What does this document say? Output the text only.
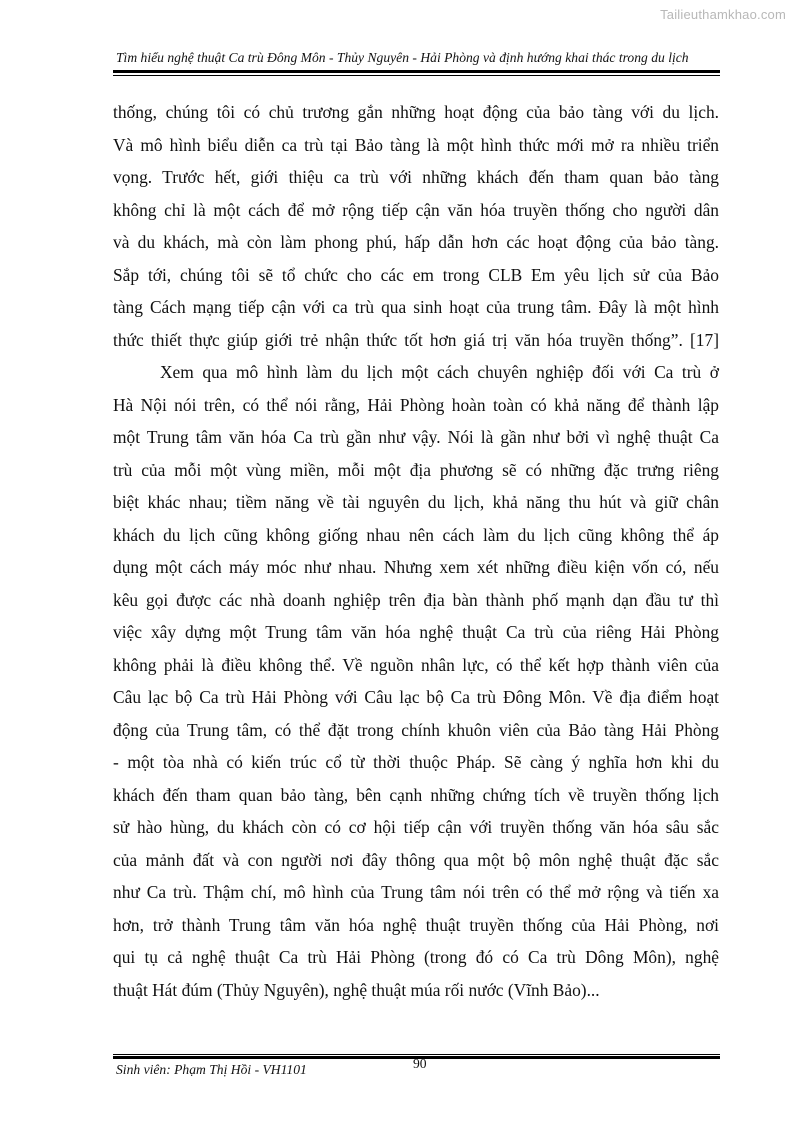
Tailieuthamkhao.com
Tìm hiểu nghệ thuật Ca trù Đông Môn - Thủy Nguyên - Hải Phòng và định hướng khai thác trong du lịch
thống, chúng tôi có chủ trương gắn những hoạt động của bảo tàng với du lịch.
Và mô hình biểu diễn ca trù tại Bảo tàng là một hình thức mới mở ra nhiều triển
vọng. Trước hết, giới thiệu ca trù với những khách đến tham quan bảo tàng
không chỉ là một cách để mở rộng tiếp cận văn hóa truyền thống cho người dân
và du khách, mà còn làm phong phú, hấp dẫn hơn các hoạt động của bảo tàng.
Sắp tới, chúng tôi sẽ tổ chức cho các em trong CLB Em yêu lịch sử của Bảo
tàng Cách mạng tiếp cận với ca trù qua sinh hoạt của trung tâm. Đây là một hình
thức thiết thực giúp giới trẻ nhận thức tốt hơn giá trị văn hóa truyền thống”. [17]
Xem qua mô hình làm du lịch một cách chuyên nghiệp đối với Ca trù ở
Hà Nội nói trên, có thể nói rằng, Hải Phòng hoàn toàn có khả năng để thành lập
một Trung tâm văn hóa Ca trù gần như vậy. Nói là gần như bởi vì nghệ thuật Ca
trù của mỗi một vùng miền, mỗi một địa phương sẽ có những đặc trưng riêng
biệt khác nhau; tiềm năng về tài nguyên du lịch, khả năng thu hút và giữ chân
khách du lịch cũng không giống nhau nên cách làm du lịch cũng không thể áp
dụng một cách máy móc như nhau. Nhưng xem xét những điều kiện vốn có, nếu
kêu gọi được các nhà doanh nghiệp trên địa bàn thành phố mạnh dạn đầu tư thì
việc xây dựng một Trung tâm văn hóa nghệ thuật Ca trù của riêng Hải Phòng
không phải là điều không thể. Về nguồn nhân lực, có thể kết hợp thành viên của
Câu lạc bộ Ca trù Hải Phòng với Câu lạc bộ Ca trù Đông Môn. Về địa điểm hoạt
động của Trung tâm, có thể đặt trong chính khuôn viên của Bảo tàng Hải Phòng
- một tòa nhà có kiến trúc cổ từ thời thuộc Pháp. Sẽ càng ý nghĩa hơn khi du
khách đến tham quan bảo tàng, bên cạnh những chứng tích về truyền thống lịch
sử hào hùng, du khách còn có cơ hội tiếp cận với truyền thống văn hóa sâu sắc
của mảnh đất và con người nơi đây thông qua một bộ môn nghệ thuật đặc sắc
như Ca trù. Thậm chí, mô hình của Trung tâm nói trên có thể mở rộng và tiến xa
hơn, trở thành Trung tâm văn hóa nghệ thuật truyền thống của Hải Phòng, nơi
qui tụ cả nghệ thuật Ca trù Hải Phòng (trong đó có Ca trù Dông Môn), nghệ
thuật Hát đúm (Thủy Nguyên), nghệ thuật múa rối nước (Vĩnh Bảo)...
Sinh viên: Phạm Thị Hồi - VH1101	90
